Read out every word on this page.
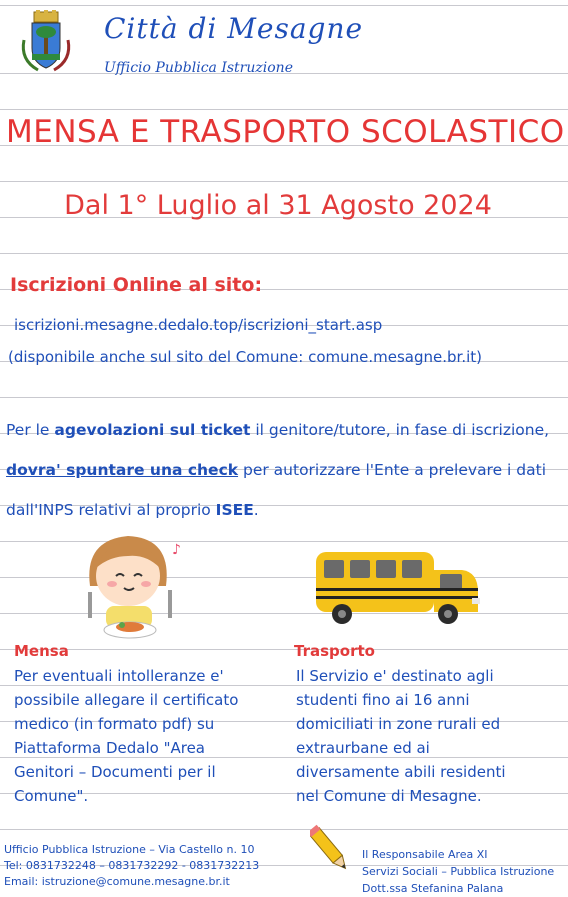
Città di Mesagne
Ufficio Pubblica Istruzione
MENSA E TRASPORTO SCOLASTICO
Dal 1° Luglio al 31 Agosto 2024
Iscrizioni Online al sito:
iscrizioni.mesagne.dedalo.top/iscrizioni_start.asp
(disponibile anche sul sito del Comune: comune.mesagne.br.it)
Per le agevolazioni sul ticket il genitore/tutore, in fase di iscrizione, dovra' spuntare una check per autorizzare l'Ente a prelevare i dati dall'INPS relativi al proprio ISEE.
♪
Mensa
Per eventuali intolleranze e' possibile allegare il certificato medico (in formato pdf) su Piattaforma Dedalo "Area Genitori – Documenti per il Comune".
Trasporto
Il Servizio e' destinato agli studenti fino ai 16 anni domiciliati in zone rurali ed extraurbane ed ai diversamente abili residenti nel Comune di Mesagne.
Ufficio Pubblica Istruzione – Via Castello n. 10
Tel: 0831732248 – 0831732292 - 0831732213
Email: istruzione@comune.mesagne.br.it
Il Responsabile Area XI
Servizi Sociali – Pubblica Istruzione
Dott.ssa Stefanina Palana
